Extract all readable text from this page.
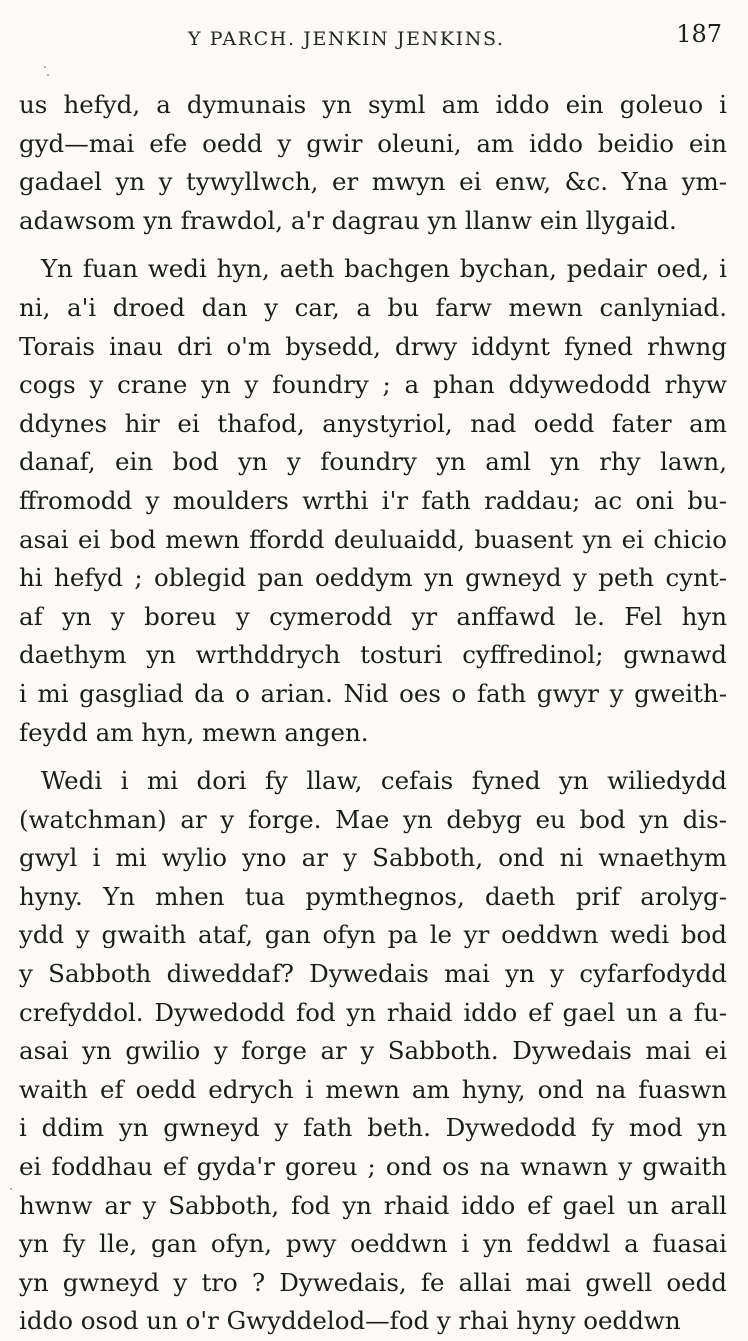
Y PARCH. JENKIN JENKINS.	187
us hefyd, a dymunais yn syml am iddo ein goleuo i
gyd—mai efe oedd y gwir oleuni, am iddo beidio ein
gadael yn y tywyllwch, er mwyn ei enw, &c. Yna ym-
adawsom yn frawdol, a'r dagrau yn llanw ein llygaid.
Yn fuan wedi hyn, aeth bachgen bychan, pedair oed, i
ni, a'i droed dan y car, a bu farw mewn canlyniad.
Torais inau dri o'm bysedd, drwy iddynt fyned rhwng
cogs y crane yn y foundry ; a phan ddywedodd rhyw
ddynes hir ei thafod, anystyriol, nad oedd fater am
danaf, ein bod yn y foundry yn aml yn rhy lawn,
ffromodd y moulders wrthi i'r fath raddau; ac oni bu-
asai ei bod mewn ffordd deuluaidd, buasent yn ei chicio
hi hefyd ; oblegid pan oeddym yn gwneyd y peth cynt-
af yn y boreu y cymerodd yr anffawd le. Fel hyn
daethym yn wrthddrych tosturi cyffredinol; gwnawd
i mi gasgliad da o arian. Nid oes o fath gwyr y gweith-
feydd am hyn, mewn angen.
Wedi i mi dori fy llaw, cefais fyned yn wiliedydd
(watchman) ar y forge. Mae yn debyg eu bod yn dis-
gwyl i mi wylio yno ar y Sabboth, ond ni wnaethym
hyny. Yn mhen tua pymthegnos, daeth prif arolyg-
ydd y gwaith ataf, gan ofyn pa le yr oeddwn wedi bod
y Sabboth diweddaf? Dywedais mai yn y cyfarfodydd
crefyddol. Dywedodd fod yn rhaid iddo ef gael un a fu-
asai yn gwilio y forge ar y Sabboth. Dywedais mai ei
waith ef oedd edrych i mewn am hyny, ond na fuaswn
i ddim yn gwneyd y fath beth. Dywedodd fy mod yn
ei foddhau ef gyda'r goreu ; ond os na wnawn y gwaith
hwnw ar y Sabboth, fod yn rhaid iddo ef gael un arall
yn fy lle, gan ofyn, pwy oeddwn i yn feddwl a fuasai
yn gwneyd y tro ? Dywedais, fe allai mai gwell oedd
iddo osod un o'r Gwyddelod—fod y rhai hyny oeddwn
